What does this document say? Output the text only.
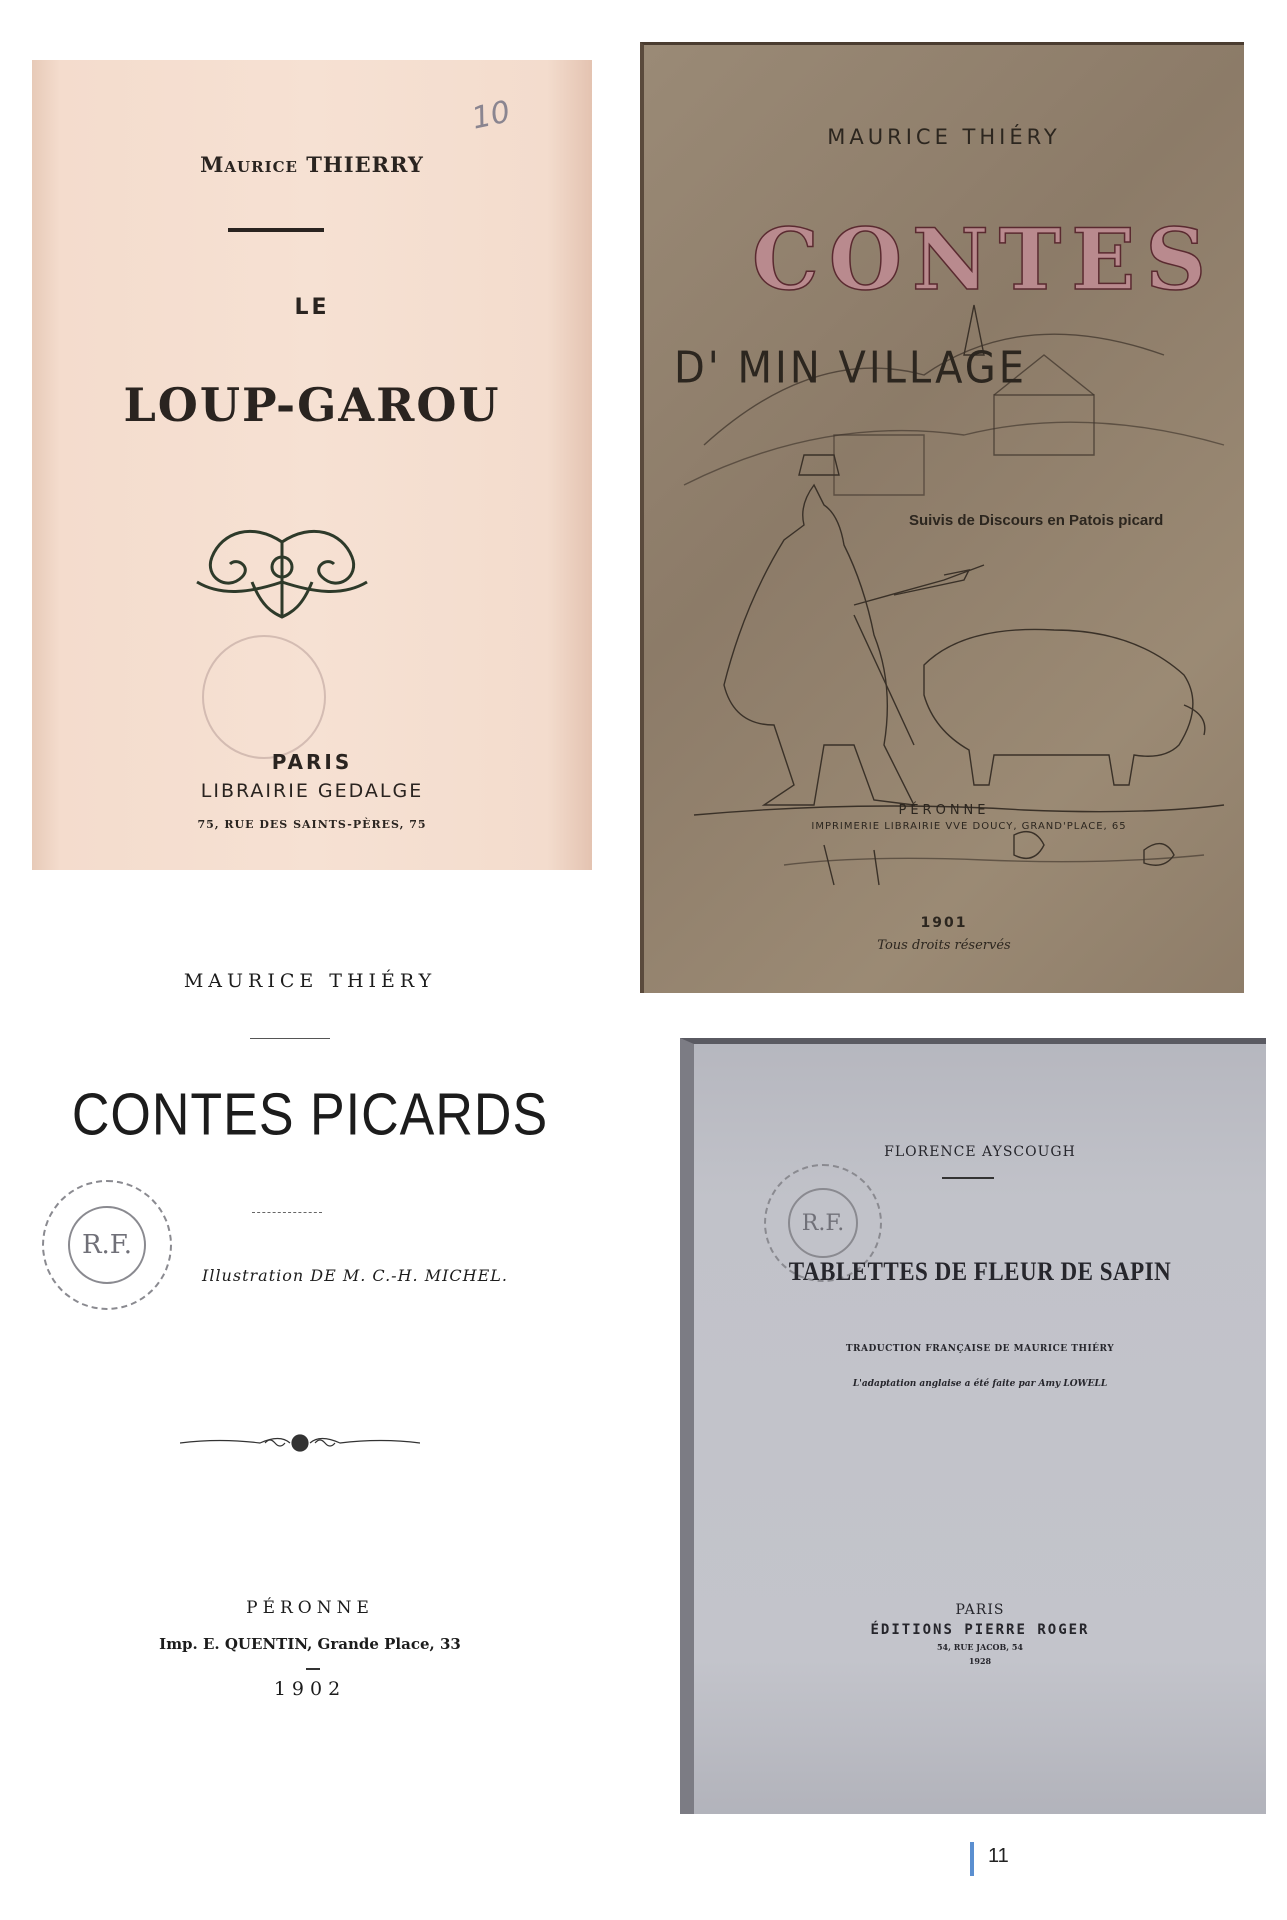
Maurice THIERRY
10
LE
LOUP-GAROU
PARIS
LIBRAIRIE GEDALGE
75, RUE DES SAINTS-PÈRES, 75
MAURICE THIÉRY
CONTES
D' MIN VILLAGE
Suivis de Discours en Patois picard
PÉRONNE
IMPRIMERIE LIBRAIRIE VVE DOUCY, GRAND'PLACE, 65
1901
Tous droits réservés
MAURICE THIÉRY
CONTES PICARDS
R.F.
Illustration DE M. C.-H. MICHEL.
PÉRONNE
Imp. E. QUENTIN, Grande Place, 33
1902
FLORENCE AYSCOUGH
R.F.
TABLETTES DE FLEUR DE SAPIN
TRADUCTION FRANÇAISE DE MAURICE THIÉRY
L'adaptation anglaise a été faite par Amy LOWELL
PARIS
ÉDITIONS PIERRE ROGER
54, RUE JACOB, 54
1928
11
